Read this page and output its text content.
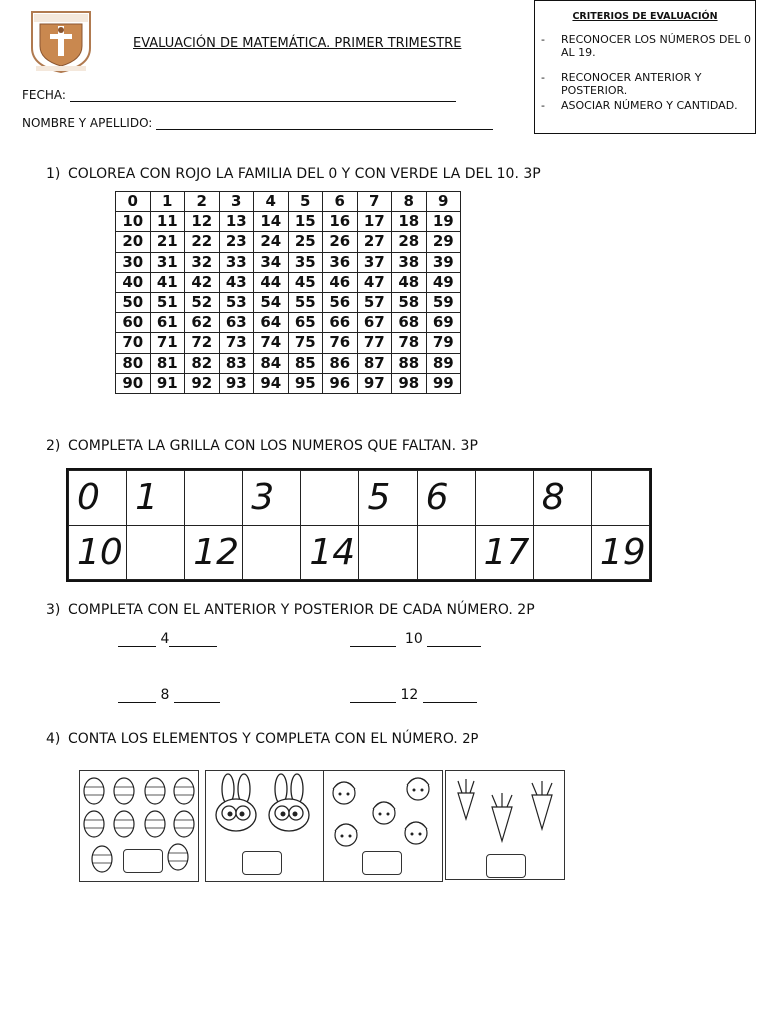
EVALUACIÓN DE MATEMÁTICA. PRIMER TRIMESTRE
FECHA:
NOMBRE Y APELLIDO:
CRITERIOS DE EVALUACIÓN
- RECONOCER LOS NÚMEROS DEL 0 AL 19.
- RECONOCER ANTERIOR Y POSTERIOR.
- ASOCIAR NÚMERO Y CANTIDAD.
1) COLOREA CON ROJO LA FAMILIA DEL 0 Y CON VERDE LA DEL 10. 3P
0	1	2	3	4	5	6	7	8	9
10	11	12	13	14	15	16	17	18	19
20	21	22	23	24	25	26	27	28	29
30	31	32	33	34	35	36	37	38	39
40	41	42	43	44	45	46	47	48	49
50	51	52	53	54	55	56	57	58	59
60	61	62	63	64	65	66	67	68	69
70	71	72	73	74	75	76	77	78	79
80	81	82	83	84	85	86	87	88	89
90	91	92	93	94	95	96	97	98	99
2) COMPLETA LA GRILLA CON LOS NUMEROS QUE FALTAN. 3P
0	1		3		5	6		8	
10		12		14			17		19
3) COMPLETA CON EL ANTERIOR Y POSTERIOR DE CADA NÚMERO. 2P
4	10
8	12
4) CONTA LOS ELEMENTOS Y COMPLETA CON EL NÚMERO. 2P
